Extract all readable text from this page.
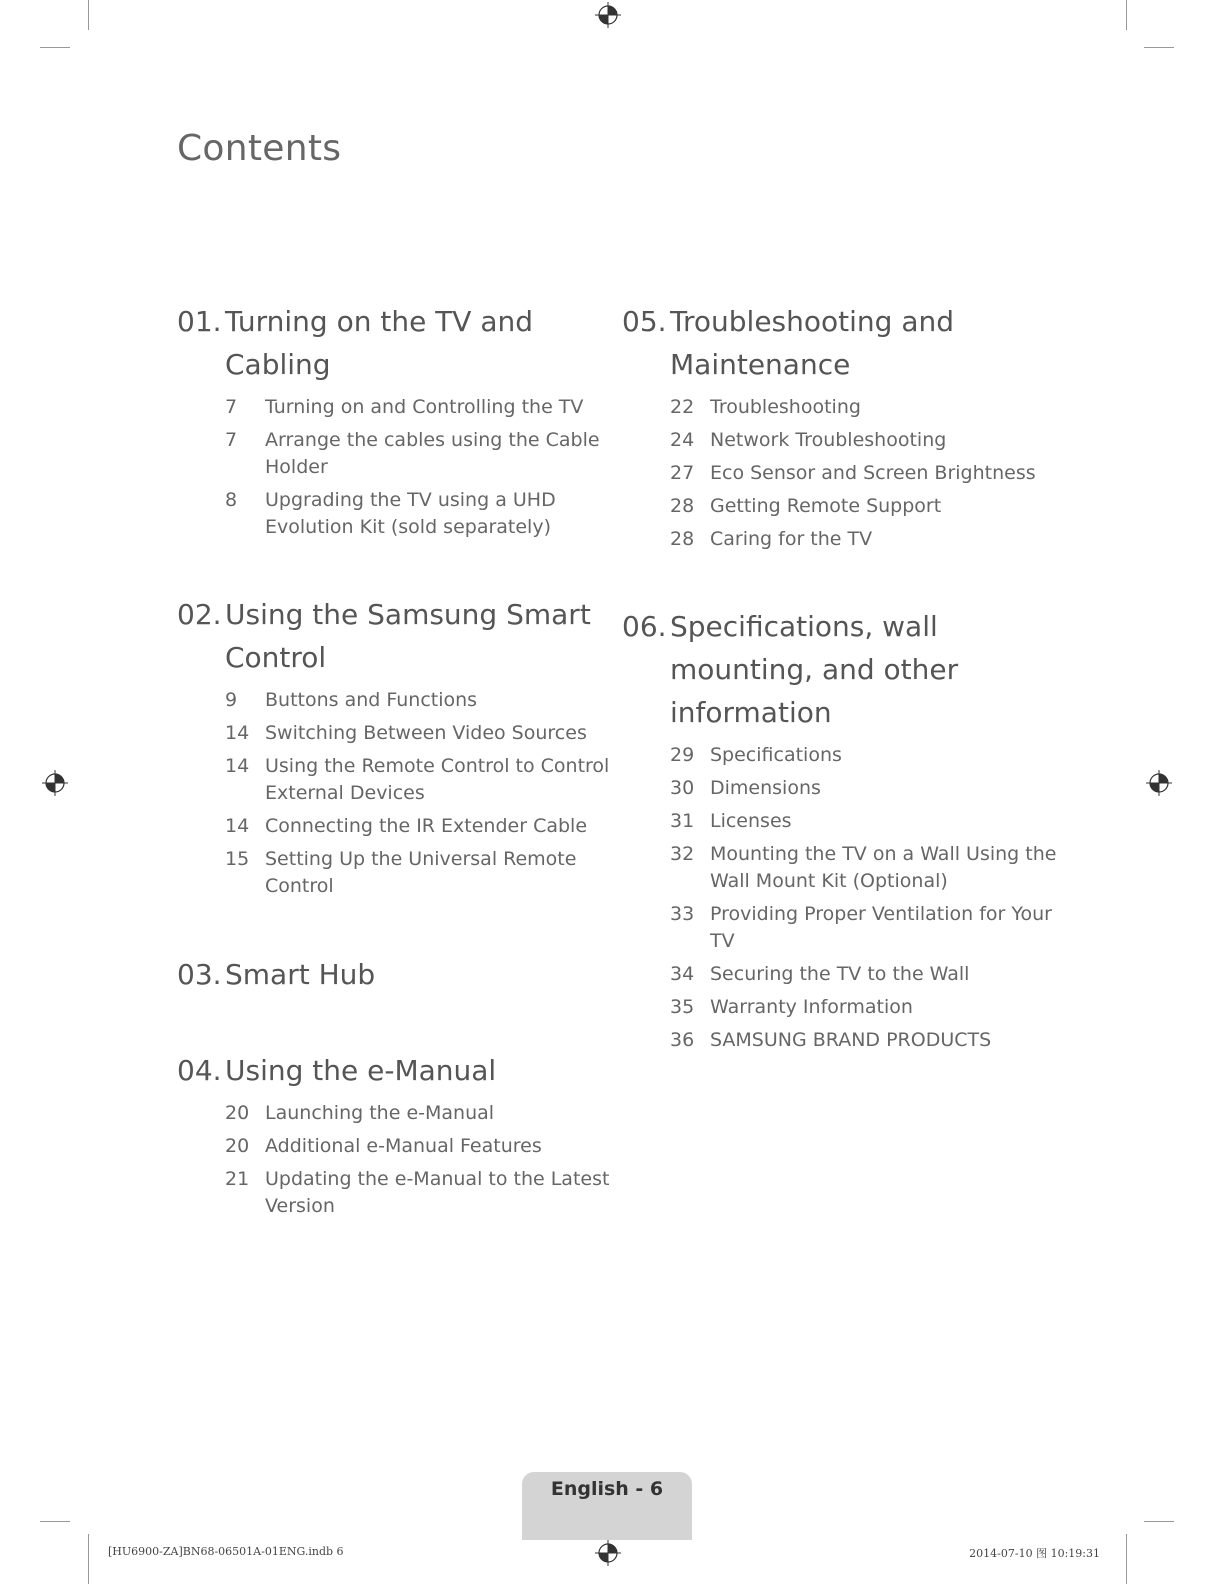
Contents
01. Turning on the TV and Cabling
7 Turning on and Controlling the TV
7 Arrange the cables using the Cable Holder
8 Upgrading the TV using a UHD Evolution Kit (sold separately)
02. Using the Samsung Smart Control
9 Buttons and Functions
14 Switching Between Video Sources
14 Using the Remote Control to Control External Devices
14 Connecting the IR Extender Cable
15 Setting Up the Universal Remote Control
03. Smart Hub
04. Using the e-Manual
20 Launching the e-Manual
20 Additional e-Manual Features
21 Updating the e-Manual to the Latest Version
05. Troubleshooting and Maintenance
22 Troubleshooting
24 Network Troubleshooting
27 Eco Sensor and Screen Brightness
28 Getting Remote Support
28 Caring for the TV
06. Specifications, wall mounting, and other information
29 Specifications
30 Dimensions
31 Licenses
32 Mounting the TV on a Wall Using the Wall Mount Kit (Optional)
33 Providing Proper Ventilation for Your TV
34 Securing the TV to the Wall
35 Warranty Information
36 SAMSUNG BRAND PRODUCTS
English - 6
[HU6900-ZA]BN68-06501A-01ENG.indb 6	2014-07-10 图 10:19:31
